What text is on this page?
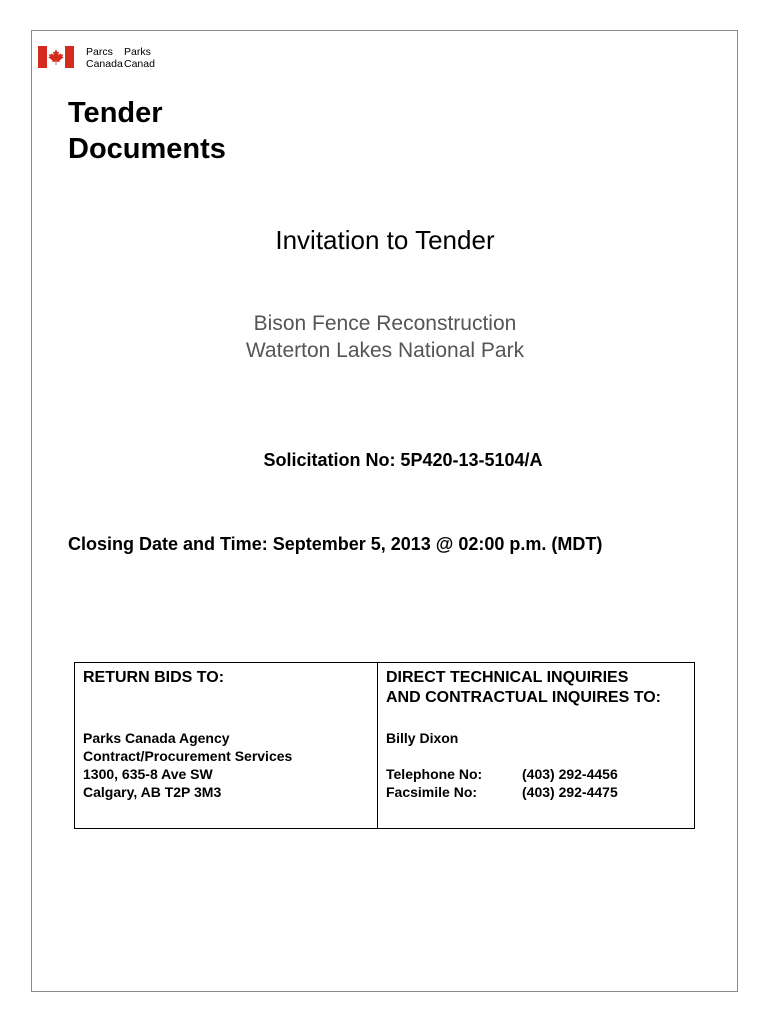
Parcs
Canada
Parks
Canad
Tender
Documents
Invitation to Tender
Bison Fence Reconstruction
Waterton Lakes National Park
Solicitation No: 5P420-13-5104/A
Closing Date and Time: September 5, 2013 @ 02:00 p.m. (MDT)

RETURN BIDS TO:

Parks Canada Agency
Contract/Procurement Services
1300, 635-8 Ave SW
Calgary, AB T2P 3M3

DIRECT TECHNICAL INQUIRIES
AND CONTRACTUAL INQUIRES TO:

Billy Dixon
Telephone No:	(403) 292-4456
Facsimile No:	(403) 292-4475
